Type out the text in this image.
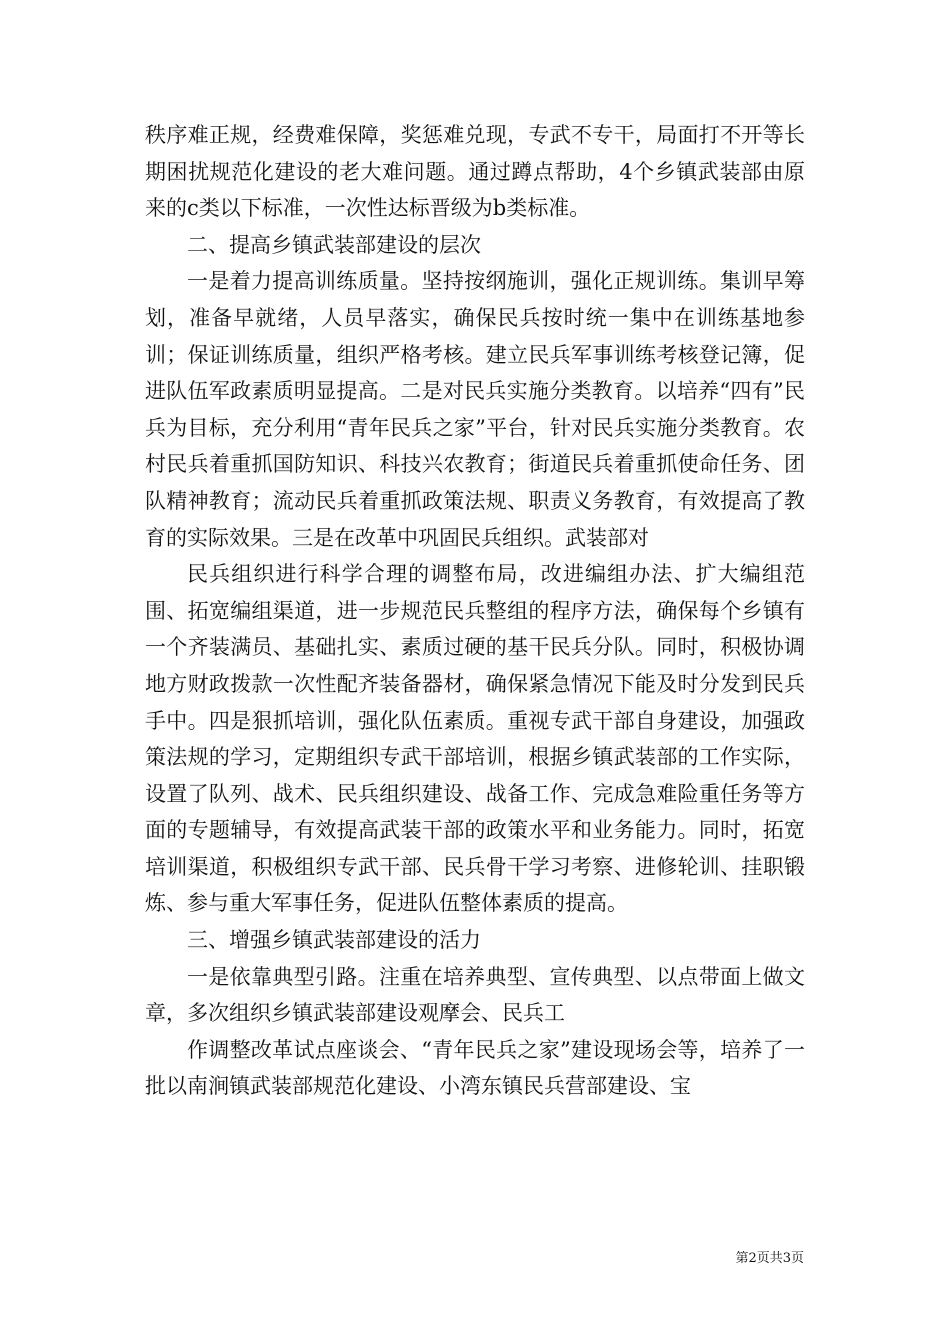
秩序难正规，经费难保障，奖惩难兑现，专武不专干，局面打不开等长期困扰规范化建设的老大难问题。通过蹲点帮助，4个乡镇武装部由原来的c类以下标准，一次性达标晋级为b类标准。

二、提高乡镇武装部建设的层次

一是着力提高训练质量。坚持按纲施训，强化正规训练。集训早筹划，准备早就绪，人员早落实，确保民兵按时统一集中在训练基地参训；保证训练质量，组织严格考核。建立民兵军事训练考核登记簿，促进队伍军政素质明显提高。二是对民兵实施分类教育。以培养“四有”民兵为目标，充分利用“青年民兵之家”平台，针对民兵实施分类教育。农村民兵着重抓国防知识、科技兴农教育；街道民兵着重抓使命任务、团队精神教育；流动民兵着重抓政策法规、职责义务教育，有效提高了教育的实际效果。三是在改革中巩固民兵组织。武装部对

民兵组织进行科学合理的调整布局，改进编组办法、扩大编组范围、拓宽编组渠道，进一步规范民兵整组的程序方法，确保每个乡镇有一个齐装满员、基础扎实、素质过硬的基干民兵分队。同时，积极协调地方财政拨款一次性配齐装备器材，确保紧急情况下能及时分发到民兵手中。四是狠抓培训，强化队伍素质。重视专武干部自身建设，加强政策法规的学习，定期组织专武干部培训，根据乡镇武装部的工作实际，设置了队列、战术、民兵组织建设、战备工作、完成急难险重任务等方面的专题辅导，有效提高武装干部的政策水平和业务能力。同时，拓宽培训渠道，积极组织专武干部、民兵骨干学习考察、进修轮训、挂职锻炼、参与重大军事任务，促进队伍整体素质的提高。

三、增强乡镇武装部建设的活力

一是依靠典型引路。注重在培养典型、宣传典型、以点带面上做文章，多次组织乡镇武装部建设观摩会、民兵工

作调整改革试点座谈会、“青年民兵之家”建设现场会等，培养了一批以南涧镇武装部规范化建设、小湾东镇民兵营部建设、宝

第2页共3页
